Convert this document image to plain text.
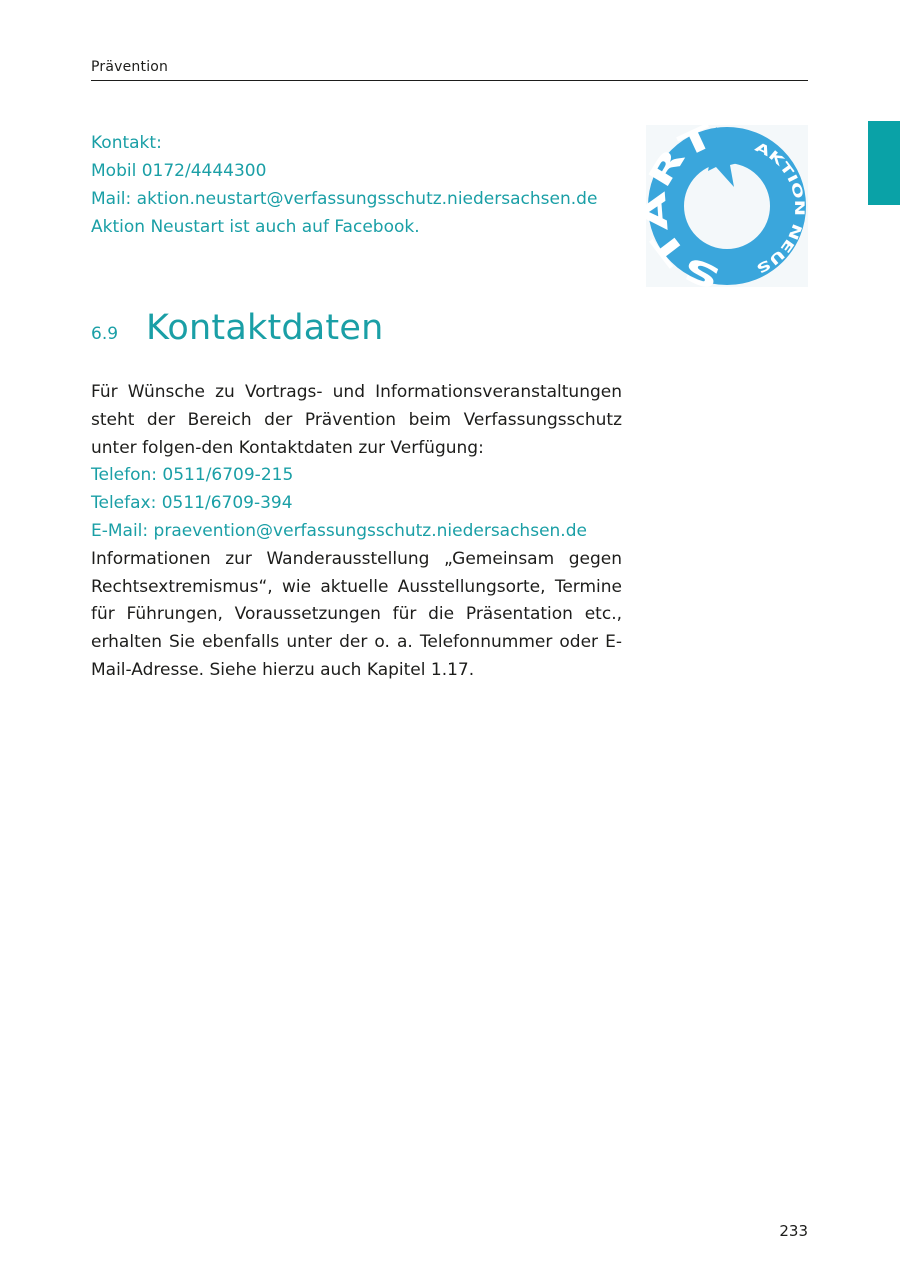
Prävention
Kontakt:
Mobil 0172/4444300
Mail: aktion.neustart@verfassungsschutz.niedersachsen.de
Aktion Neustart ist auch auf Facebook.
ST T	AKTION NEUS
6.9 Kontaktdaten
Für Wünsche zu Vortrags- und Informationsveranstaltungen steht der Bereich der Prävention beim Verfassungsschutz unter folgen-den Kontaktdaten zur Verfügung:
Telefon: 0511/6709-215
Telefax: 0511/6709-394
E-Mail: praevention@verfassungsschutz.niedersachsen.de
Informationen zur Wanderausstellung „Gemeinsam gegen Rechtsextremismus“, wie aktuelle Ausstellungsorte, Termine für Führungen, Voraussetzungen für die Präsentation etc., erhalten Sie ebenfalls unter der o. a. Telefonnummer oder E-Mail-Adresse. Siehe hierzu auch Kapitel 1.17.
233
